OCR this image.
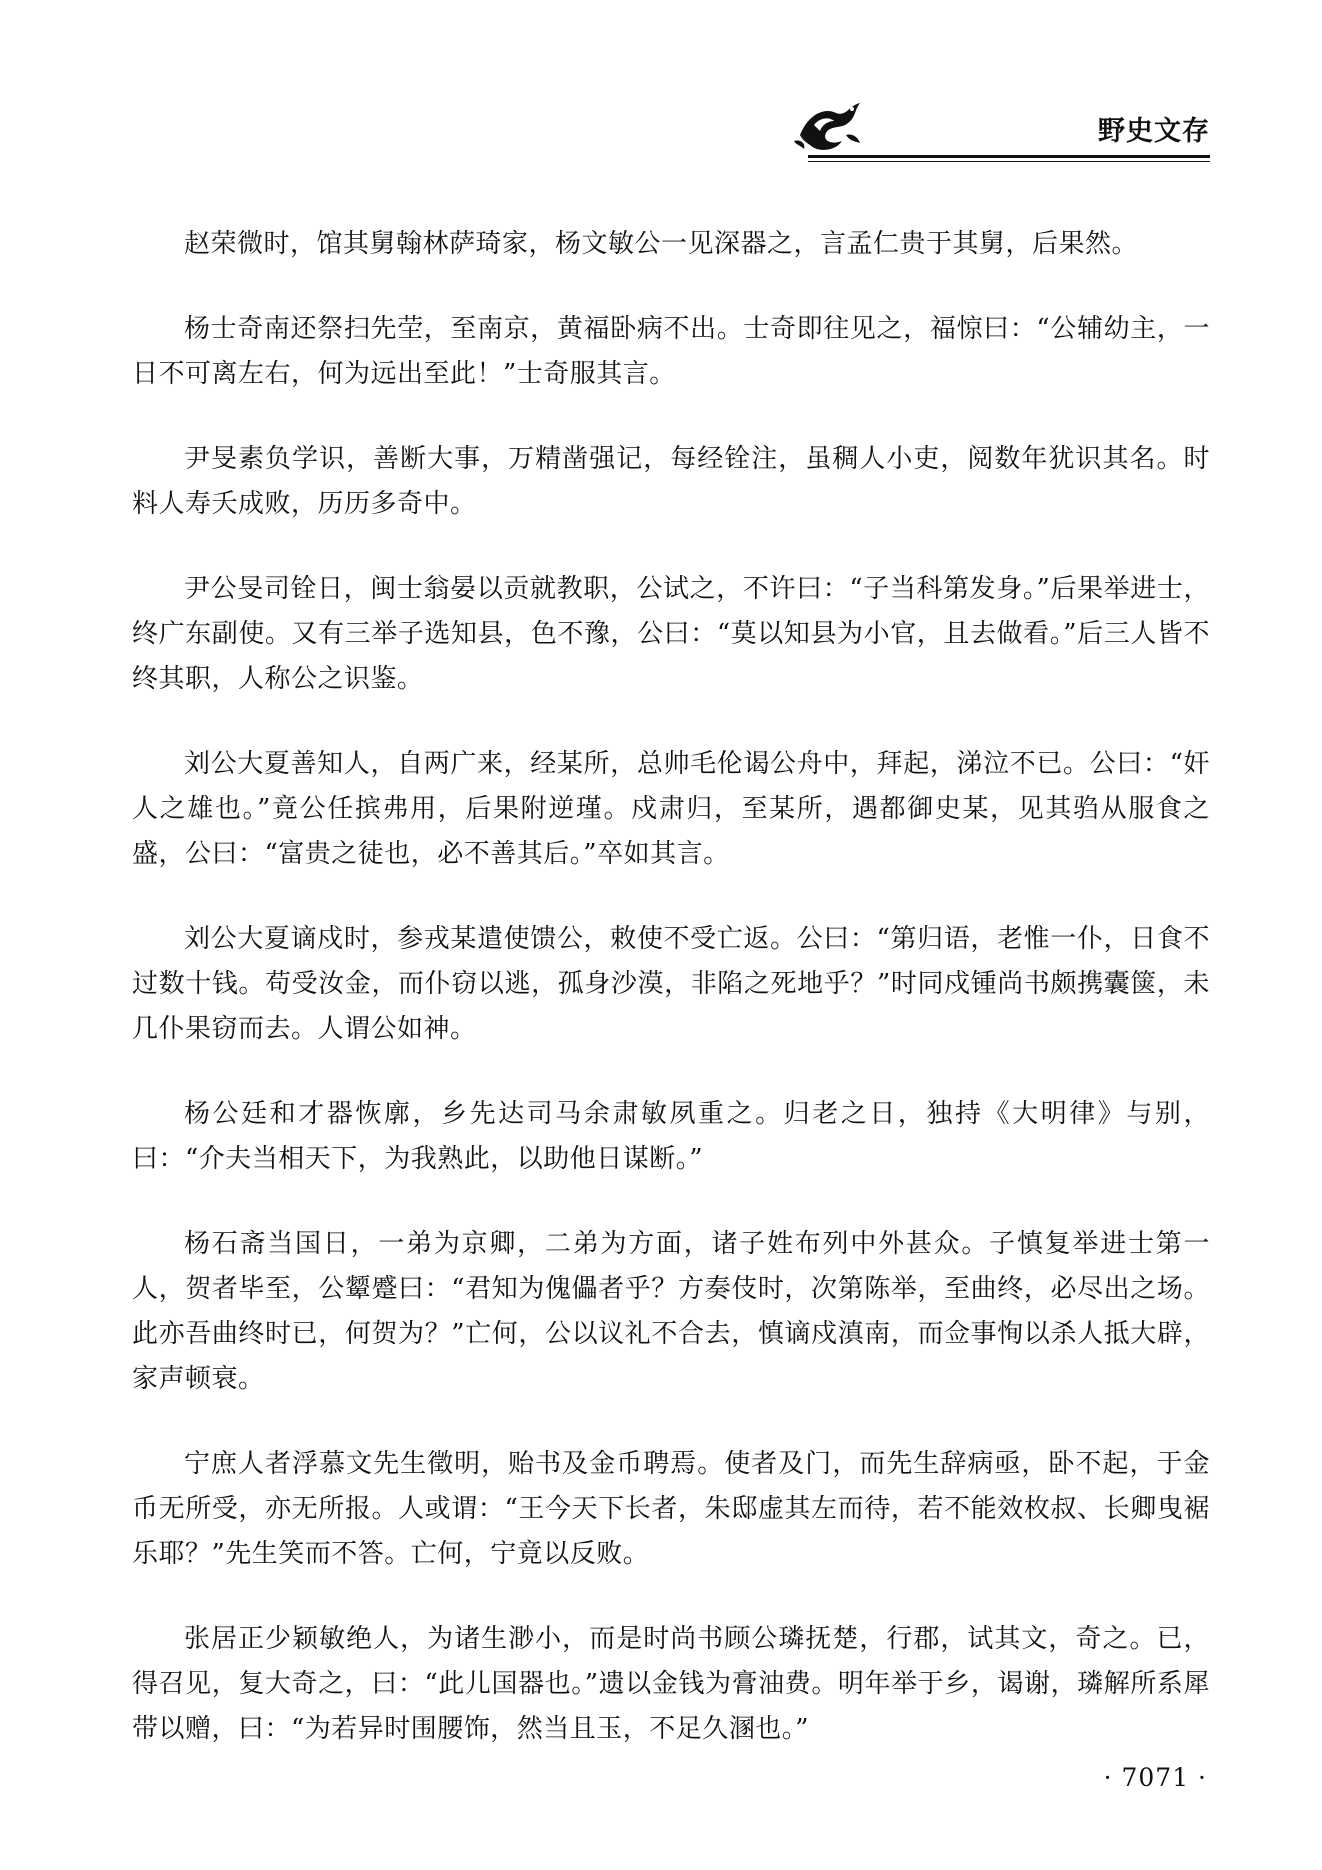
野史文存

赵荣微时，馆其舅翰林萨琦家，杨文敏公一见深器之，言孟仁贵于其舅，后果然。

杨士奇南还祭扫先茔，至南京，黄福卧病不出。士奇即往见之，福惊曰：“公辅幼主，一日不可离左右，何为远出至此！”士奇服其言。

尹旻素负学识，善断大事，万精凿强记，每经铨注，虽稠人小吏，阅数年犹识其名。时料人寿夭成败，历历多奇中。

尹公旻司铨日，闽士翁晏以贡就教职，公试之，不许曰：“子当科第发身。”后果举进士，终广东副使。又有三举子选知县，色不豫，公曰：“莫以知县为小官，且去做看。”后三人皆不终其职，人称公之识鉴。

刘公大夏善知人，自两广来，经某所，总帅毛伦谒公舟中，拜起，涕泣不已。公曰：“奸人之雄也。”竟公任摈弗用，后果附逆瑾。戍肃归，至某所，遇都御史某，见其驺从服食之盛，公曰：“富贵之徒也，必不善其后。”卒如其言。

刘公大夏谪戍时，参戎某遣使馈公，敕使不受亡返。公曰：“第归语，老惟一仆，日食不过数十钱。苟受汝金，而仆窃以逃，孤身沙漠，非陷之死地乎？”时同戍锺尚书颇携囊箧，未几仆果窃而去。人谓公如神。

杨公廷和才器恢廓，乡先达司马余肃敏夙重之。归老之日，独持《大明律》与别，曰：“介夫当相天下，为我熟此，以助他日谋断。”

杨石斋当国日，一弟为京卿，二弟为方面，诸子姓布列中外甚众。子慎复举进士第一人，贺者毕至，公颦蹙曰：“君知为傀儡者乎？方奏伎时，次第陈举，至曲终，必尽出之场。此亦吾曲终时已，何贺为？”亡何，公以议礼不合去，慎谪戍滇南，而佥事恂以杀人抵大辟，家声顿衰。

宁庶人者浮慕文先生徵明，贻书及金币聘焉。使者及门，而先生辞病亟，卧不起，于金币无所受，亦无所报。人或谓：“王今天下长者，朱邸虚其左而待，若不能效枚叔、长卿曳裾乐耶？”先生笑而不答。亡何，宁竟以反败。

张居正少颖敏绝人，为诸生渺小，而是时尚书顾公璘抚楚，行郡，试其文，奇之。已，得召见，复大奇之，曰：“此儿国器也。”遗以金钱为膏油费。明年举于乡，谒谢，璘解所系犀带以赠，曰：“为若异时围腰饰，然当且玉，不足久溷也。”

· 7071 ·
